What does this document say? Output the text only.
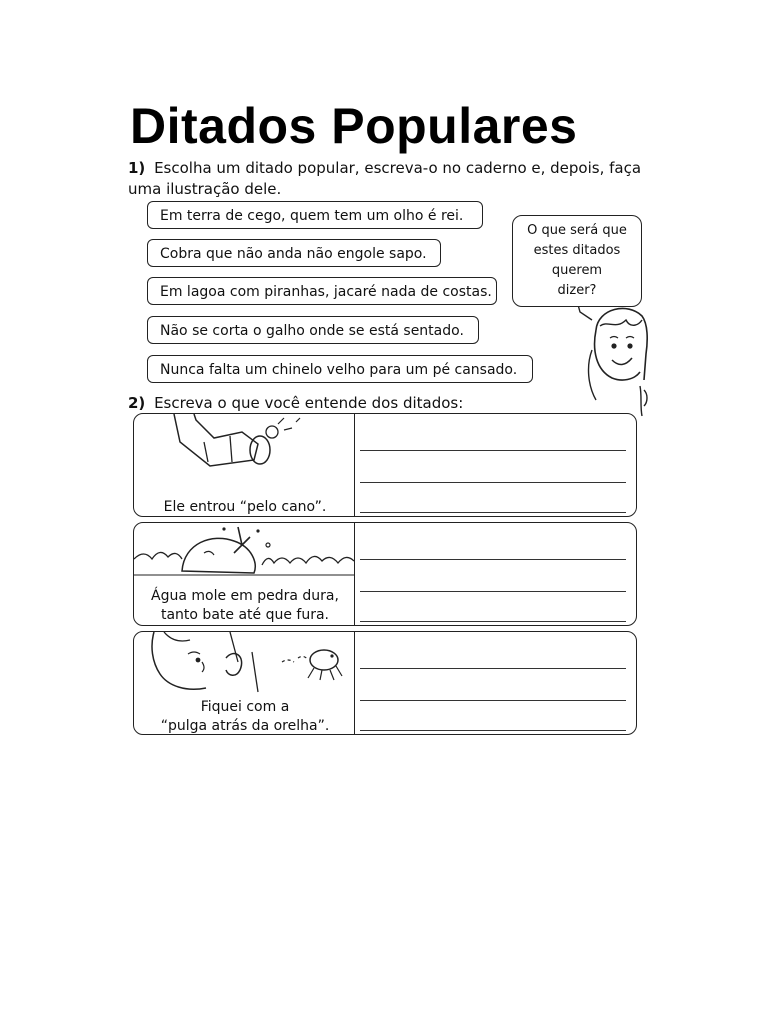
Ditados Populares
1) Escolha um ditado popular, escreva-o no caderno e, depois, faça uma ilustração dele.
Em terra de cego, quem tem um olho é rei.
Cobra que não anda não engole sapo.
Em lagoa com piranhas, jacaré nada de costas.
Não se corta o galho onde se está sentado.
Nunca falta um chinelo velho para um pé cansado.
O que será que
estes ditados
querem
dizer?
2) Escreva o que você entende dos ditados:
Ele entrou “pelo cano”.
Água mole em pedra dura,
tanto bate até que fura.
Fiquei com a
“pulga atrás da orelha”.
